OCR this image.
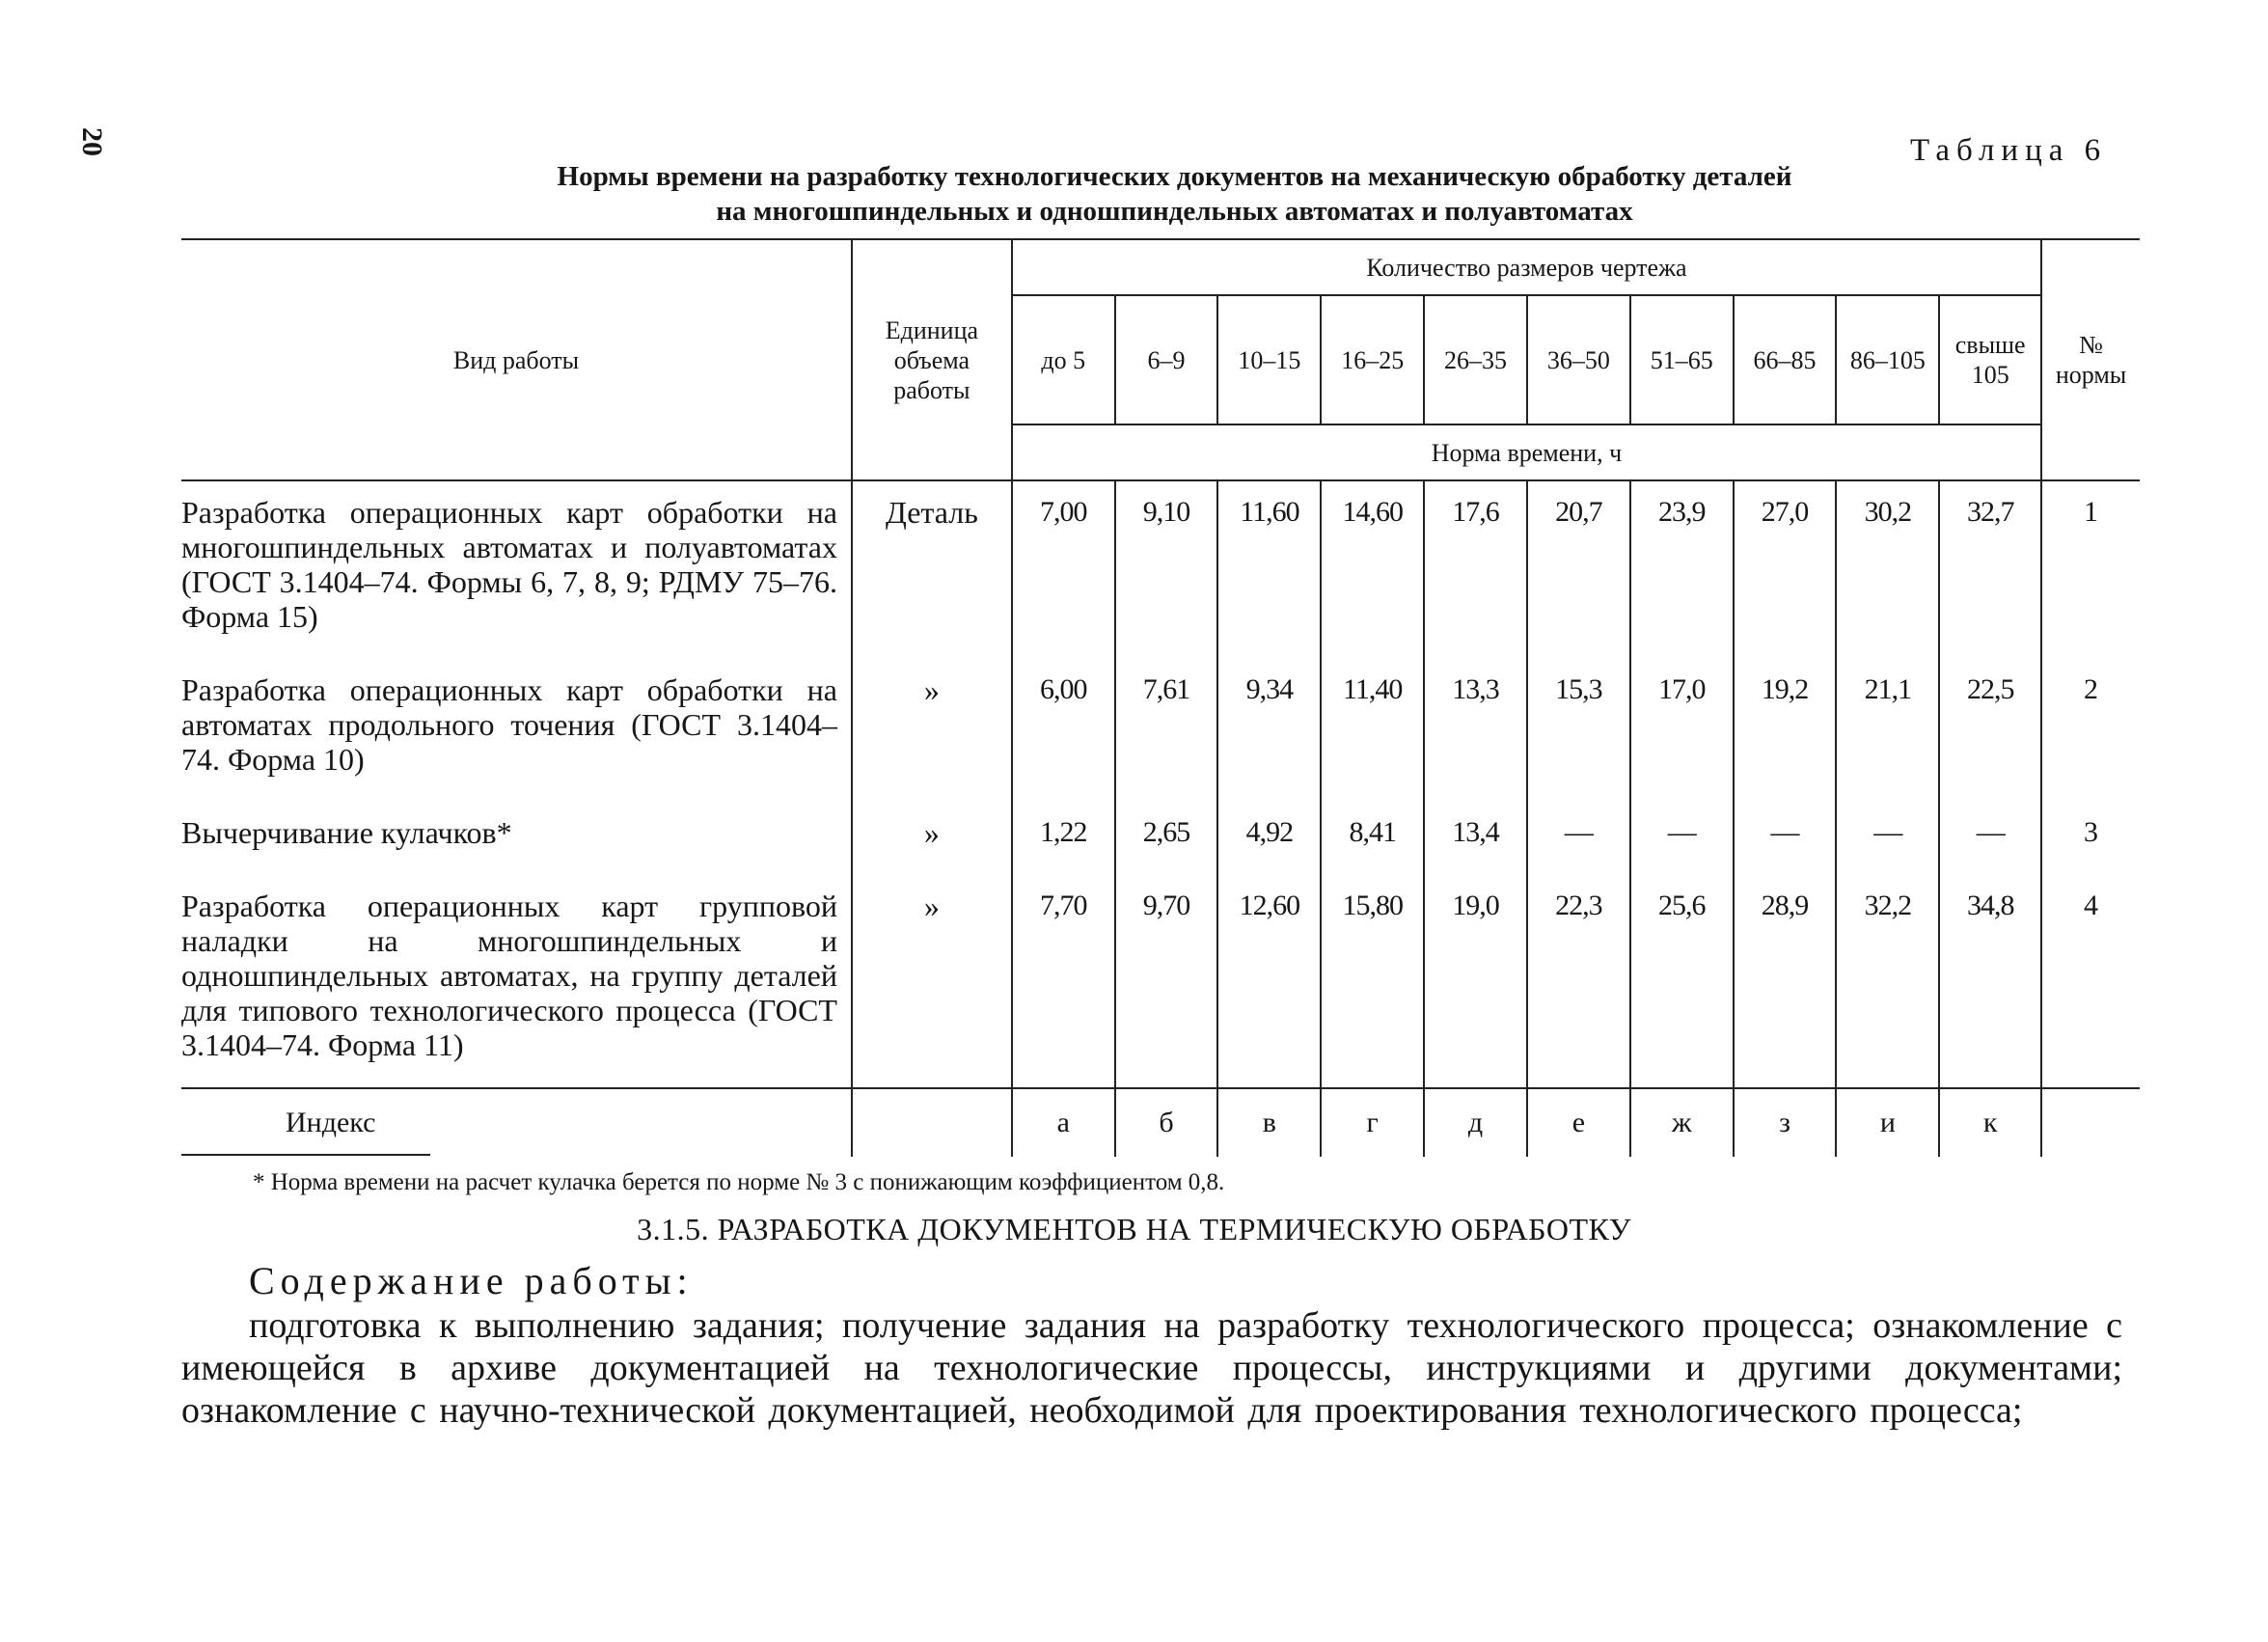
20	Таблица 6
Нормы времени на разработку технологических документов на механическую обработку деталей
на многошпиндельных и одношпиндельных автоматах и полуавтоматах
Вид работы	Единица объема работы	Количество размеров чертежа										№ нормы
		до 5	6–9	10–15	16–25	26–35	36–50	51–65	66–85	86–105	свыше 105	
		Норма времени, ч										
Разработка операционных карт обработки на многошпиндельных автоматах и полуавтоматах (ГОСТ 3.1404–74. Формы 6, 7, 8, 9; РДМУ 75–76. Форма 15)	Деталь	7,00	9,10	11,60	14,60	17,6	20,7	23,9	27,0	30,2	32,7	1
Разработка операционных карт обработки на автоматах продольного точения (ГОСТ 3.1404–74. Форма 10)	»	6,00	7,61	9,34	11,40	13,3	15,3	17,0	19,2	21,1	22,5	2
Вычерчивание кулачков*	»	1,22	2,65	4,92	8,41	13,4	—	—	—	—	—	3
Разработка операционных карт групповой наладки на многошпиндельных и одношпиндельных автоматах, на группу деталей для типового технологического процесса (ГОСТ 3.1404–74. Форма 11)	»	7,70	9,70	12,60	15,80	19,0	22,3	25,6	28,9	32,2	34,8	4
Индекс		а	б	в	г	д	е	ж	з	и	к	
* Норма времени на расчет кулачка берется по норме № 3 с понижающим коэффициентом 0,8.
3.1.5. РАЗРАБОТКА ДОКУМЕНТОВ НА ТЕРМИЧЕСКУЮ ОБРАБОТКУ
Содержание работы:
подготовка к выполнению задания; получение задания на разработку технологического процесса; ознакомление с имеющейся в архиве документацией на технологические процессы, инструкциями и другими документами; ознакомление с научно-технической документацией, необходимой для проектирования технологического процесса;
